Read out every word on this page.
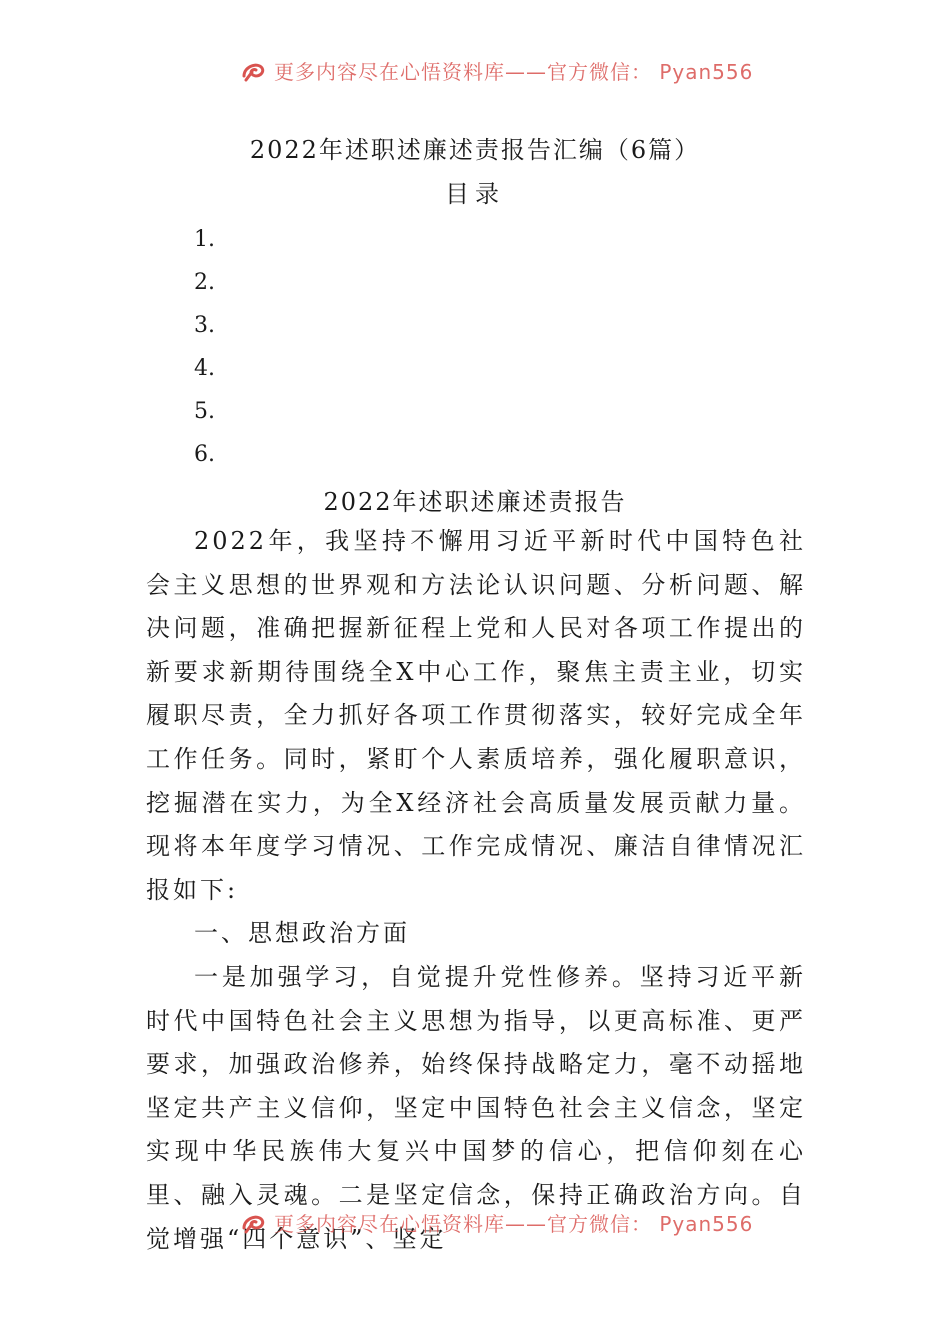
更多内容尽在心悟资料库——官方微信： Pyan556
2022年述职述廉述责报告汇编（6篇）
目录
1.
2.
3.
4.
5.
6.
2022年述职述廉述责报告

2022年，我坚持不懈用习近平新时代中国特色社会主义思想的世界观和方法论认识问题、分析问题、解决问题，准确把握新征程上党和人民对各项工作提出的新要求新期待围绕全X中心工作，聚焦主责主业，切实履职尽责，全力抓好各项工作贯彻落实，较好完成全年工作任务。同时，紧盯个人素质培养，强化履职意识，挖掘潜在实力，为全X经济社会高质量发展贡献力量。现将本年度学习情况、工作完成情况、廉洁自律情况汇报如下:

一、思想政治方面

一是加强学习，自觉提升党性修养。坚持习近平新时代中国特色社会主义思想为指导，以更高标准、更严要求，加强政治修养，始终保持战略定力，毫不动摇地坚定共产主义信仰，坚定中国特色社会主义信念，坚定实现中华民族伟大复兴中国梦的信心，把信仰刻在心里、融入灵魂。二是坚定信念，保持正确政治方向。自觉增强“四个意识”、坚定

更多内容尽在心悟资料库——官方微信： Pyan556
